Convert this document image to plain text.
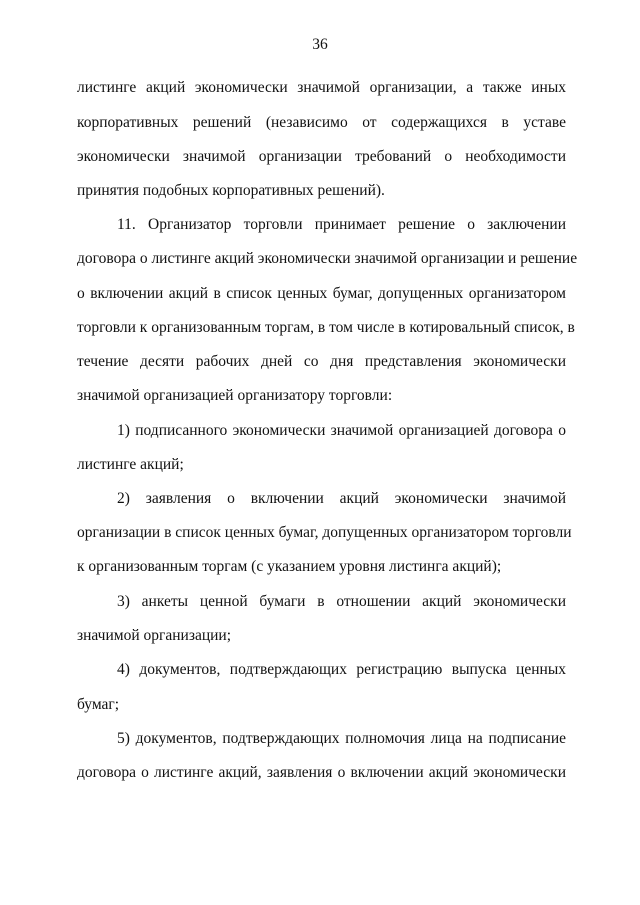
36
листинге акций экономически значимой организации, а также иных
корпоративных решений (независимо от содержащихся в уставе
экономически значимой организации требований о необходимости
принятия подобных корпоративных решений).
11. Организатор торговли принимает решение о заключении
договора о листинге акций экономически значимой организации и решение
о включении акций в список ценных бумаг, допущенных организатором
торговли к организованным торгам, в том числе в котировальный список, в
течение десяти рабочих дней со дня представления экономически
значимой организацией организатору торговли:
1) подписанного экономически значимой организацией договора о
листинге акций;
2) заявления о включении акций экономически значимой
организации в список ценных бумаг, допущенных организатором торговли
к организованным торгам (с указанием уровня листинга акций);
3) анкеты ценной бумаги в отношении акций экономически
значимой организации;
4) документов, подтверждающих регистрацию выпуска ценных
бумаг;
5) документов, подтверждающих полномочия лица на подписание
договора о листинге акций, заявления о включении акций экономически
